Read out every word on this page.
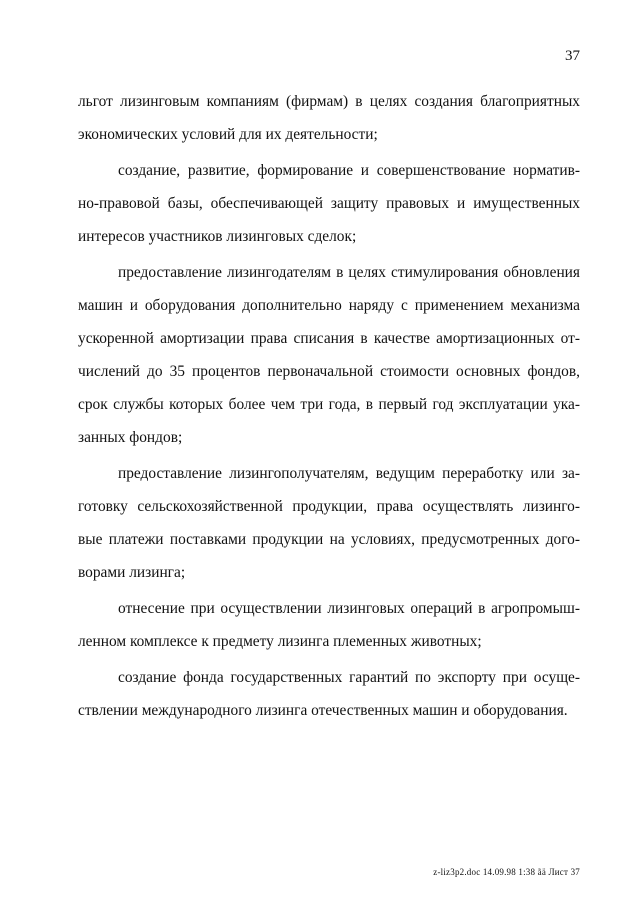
37
льгот лизинговым компаниям (фирмам) в целях создания благоприятных
экономических условий для их деятельности;
создание, развитие, формирование и совершенствование норматив-
но-правовой базы, обеспечивающей защиту правовых и имущественных
интересов участников лизинговых сделок;
предоставление лизингодателям в целях стимулирования обновления
машин и оборудования дополнительно наряду с применением механизма
ускоренной амортизации права списания в качестве амортизационных от-
числений до 35 процентов первоначальной стоимости основных фондов,
срок службы которых более чем три года, в первый год эксплуатации ука-
занных фондов;
предоставление лизингополучателям, ведущим переработку или за-
готовку сельскохозяйственной продукции, права осуществлять лизинго-
вые платежи поставками продукции на условиях, предусмотренных дого-
ворами лизинга;
отнесение при осуществлении лизинговых операций в агропромыш-
ленном комплексе к предмету лизинга племенных животных;
создание фонда государственных гарантий по экспорту при осуще-
ствлении международного лизинга отечественных машин и оборудования.
z-liz3p2.doc 14.09.98 1:38 ãä Лист 37
